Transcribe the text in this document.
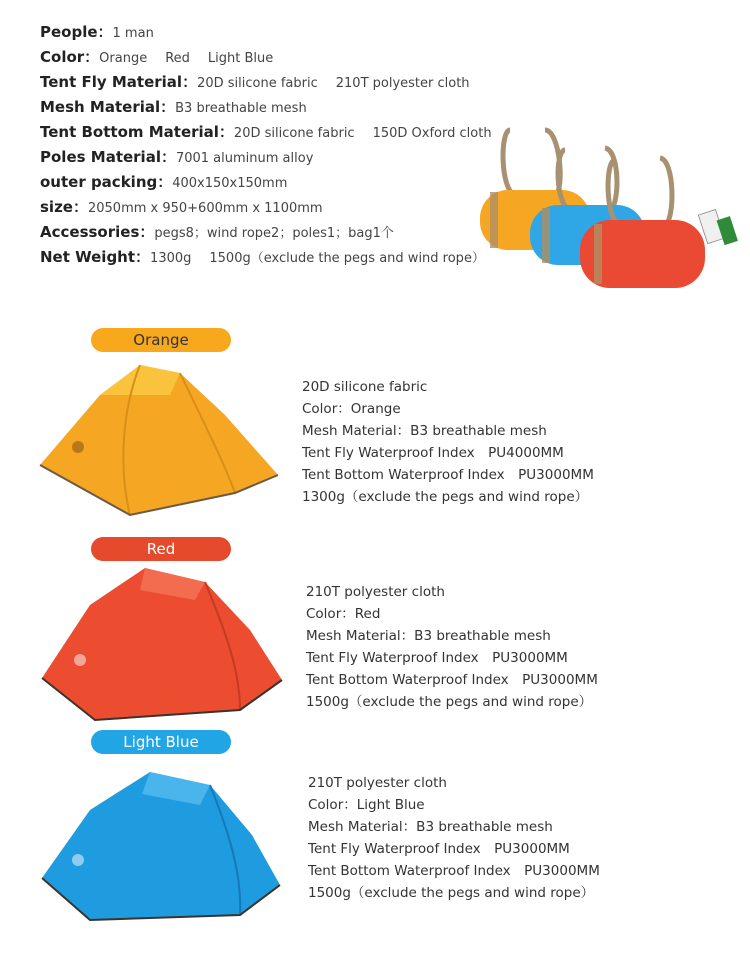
People：1 man
Color：Orange Red Light Blue
Tent Fly Material：20D silicone fabric 210T polyester cloth
Mesh Material：B3 breathable mesh
Tent Bottom Material：20D silicone fabric 150D Oxford cloth
Poles Material：7001 aluminum alloy
outer packing：400x150x150mm
size：2050mm x 950+600mm x 1100mm
Accessories：pegs8；wind rope2；poles1；bag1个
Net Weight：1300g 1500g（exclude the pegs and wind rope）
Orange
20D silicone fabric
Color：Orange
Mesh Material：B3 breathable mesh
Tent Fly Waterproof Index　PU4000MM
Tent Bottom Waterproof Index　PU3000MM
1300g（exclude the pegs and wind rope）
Red
210T polyester cloth
Color：Red
Mesh Material：B3 breathable mesh
Tent Fly Waterproof Index　PU3000MM
Tent Bottom Waterproof Index　PU3000MM
1500g（exclude the pegs and wind rope）
Light Blue
210T polyester cloth
Color：Light Blue
Mesh Material：B3 breathable mesh
Tent Fly Waterproof Index　PU3000MM
Tent Bottom Waterproof Index　PU3000MM
1500g（exclude the pegs and wind rope）
